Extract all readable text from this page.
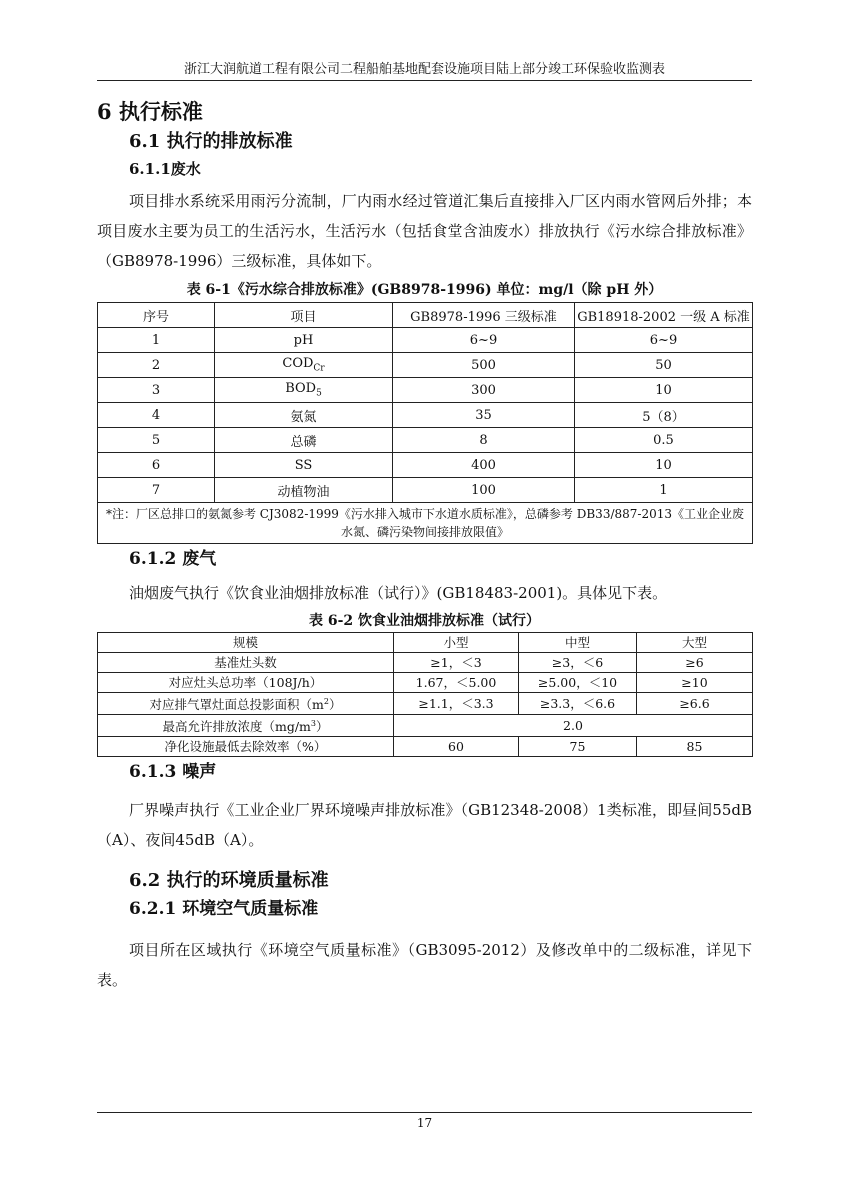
浙江大润航道工程有限公司二程船舶基地配套设施项目陆上部分竣工环保验收监测表
6 执行标准
6.1 执行的排放标准
6.1.1废水

项目排水系统采用雨污分流制，厂内雨水经过管道汇集后直接排入厂区内雨水管网后外排；本项目废水主要为员工的生活污水，生活污水（包括食堂含油废水）排放执行《污水综合排放标准》（GB8978-1996）三级标准，具体如下。

表 6-1《污水综合排放标准》(GB8978-1996) 单位：mg/l（除 pH 外）
序号	项目	GB8978-1996 三级标准	GB18918-2002 一级 A 标准
1	pH	6~9	6~9
2	$COD_{Cr}$	500	50
3	$BOD_5$	300	10
4	氨氮	35	5（8）
5	总磷	8	0.5
6	SS	400	10
7	动植物油	100	1
*注：厂区总排口的氨氮参考 CJ3082-1999《污水排入城市下水道水质标准》，总磷参考 DB33/887-2013《工业企业废水氮、磷污染物间接排放限值》			
6.1.2 废气

油烟废气执行《饮食业油烟排放标准（试行）》(GB18483-2001)。具体见下表。

表 6-2 饮食业油烟排放标准（试行）
规模	小型	中型	大型
基准灶头数	≥1，＜3	≥3，＜6	≥6
对应灶头总功率（108J/h）	1.67，＜5.00	≥5.00，＜10	≥10
对应排气罩灶面总投影面积$(m^2)$	≥1.1，＜3.3	≥3.3，＜6.6	≥6.6
最高允许排放浓度$(mg/m^3)$	2.0		
净化设施最低去除效率（%）	60	75	85
6.1.3 噪声

厂界噪声执行《工业企业厂界环境噪声排放标准》（GB12348-2008）1类标准，即昼间55dB（A）、夜间45dB（A）。

6.2 执行的环境质量标准
6.2.1 环境空气质量标准

项目所在区域执行《环境空气质量标准》（GB3095-2012）及修改单中的二级标准，详见下表。

17
